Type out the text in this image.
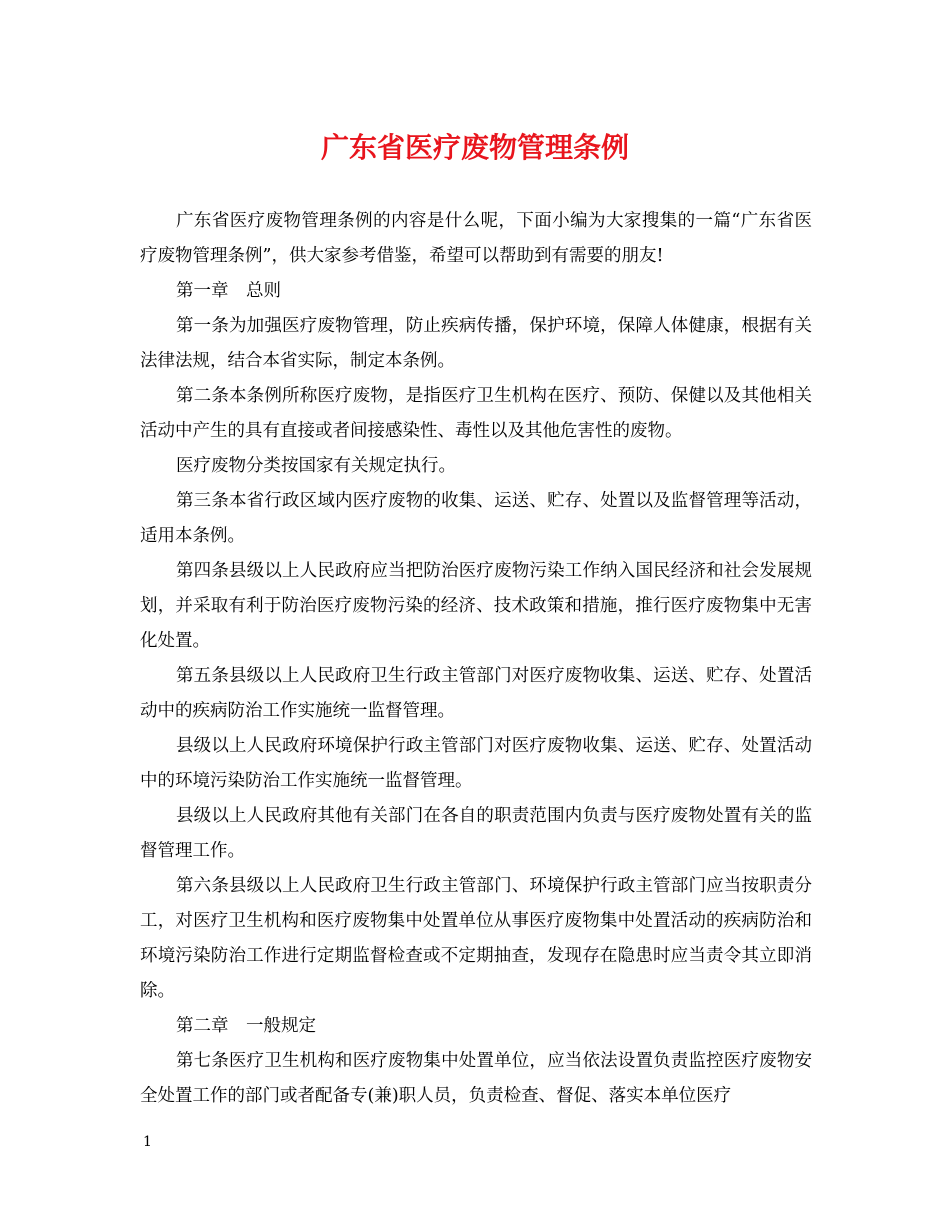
广东省医疗废物管理条例

广东省医疗废物管理条例的内容是什么呢，下面小编为大家搜集的一篇“广东省医疗废物管理条例”，供大家参考借鉴，希望可以帮助到有需要的朋友!

第一章　总则

第一条为加强医疗废物管理，防止疾病传播，保护环境，保障人体健康，根据有关法律法规，结合本省实际，制定本条例。

第二条本条例所称医疗废物，是指医疗卫生机构在医疗、预防、保健以及其他相关活动中产生的具有直接或者间接感染性、毒性以及其他危害性的废物。

医疗废物分类按国家有关规定执行。

第三条本省行政区域内医疗废物的收集、运送、贮存、处置以及监督管理等活动，适用本条例。

第四条县级以上人民政府应当把防治医疗废物污染工作纳入国民经济和社会发展规划，并采取有利于防治医疗废物污染的经济、技术政策和措施，推行医疗废物集中无害化处置。

第五条县级以上人民政府卫生行政主管部门对医疗废物收集、运送、贮存、处置活动中的疾病防治工作实施统一监督管理。

县级以上人民政府环境保护行政主管部门对医疗废物收集、运送、贮存、处置活动中的环境污染防治工作实施统一监督管理。

县级以上人民政府其他有关部门在各自的职责范围内负责与医疗废物处置有关的监督管理工作。

第六条县级以上人民政府卫生行政主管部门、环境保护行政主管部门应当按职责分工，对医疗卫生机构和医疗废物集中处置单位从事医疗废物集中处置活动的疾病防治和环境污染防治工作进行定期监督检查或不定期抽查，发现存在隐患时应当责令其立即消除。

第二章　一般规定

第七条医疗卫生机构和医疗废物集中处置单位，应当依法设置负责监控医疗废物安全处置工作的部门或者配备专(兼)职人员，负责检查、督促、落实本单位医疗

1
